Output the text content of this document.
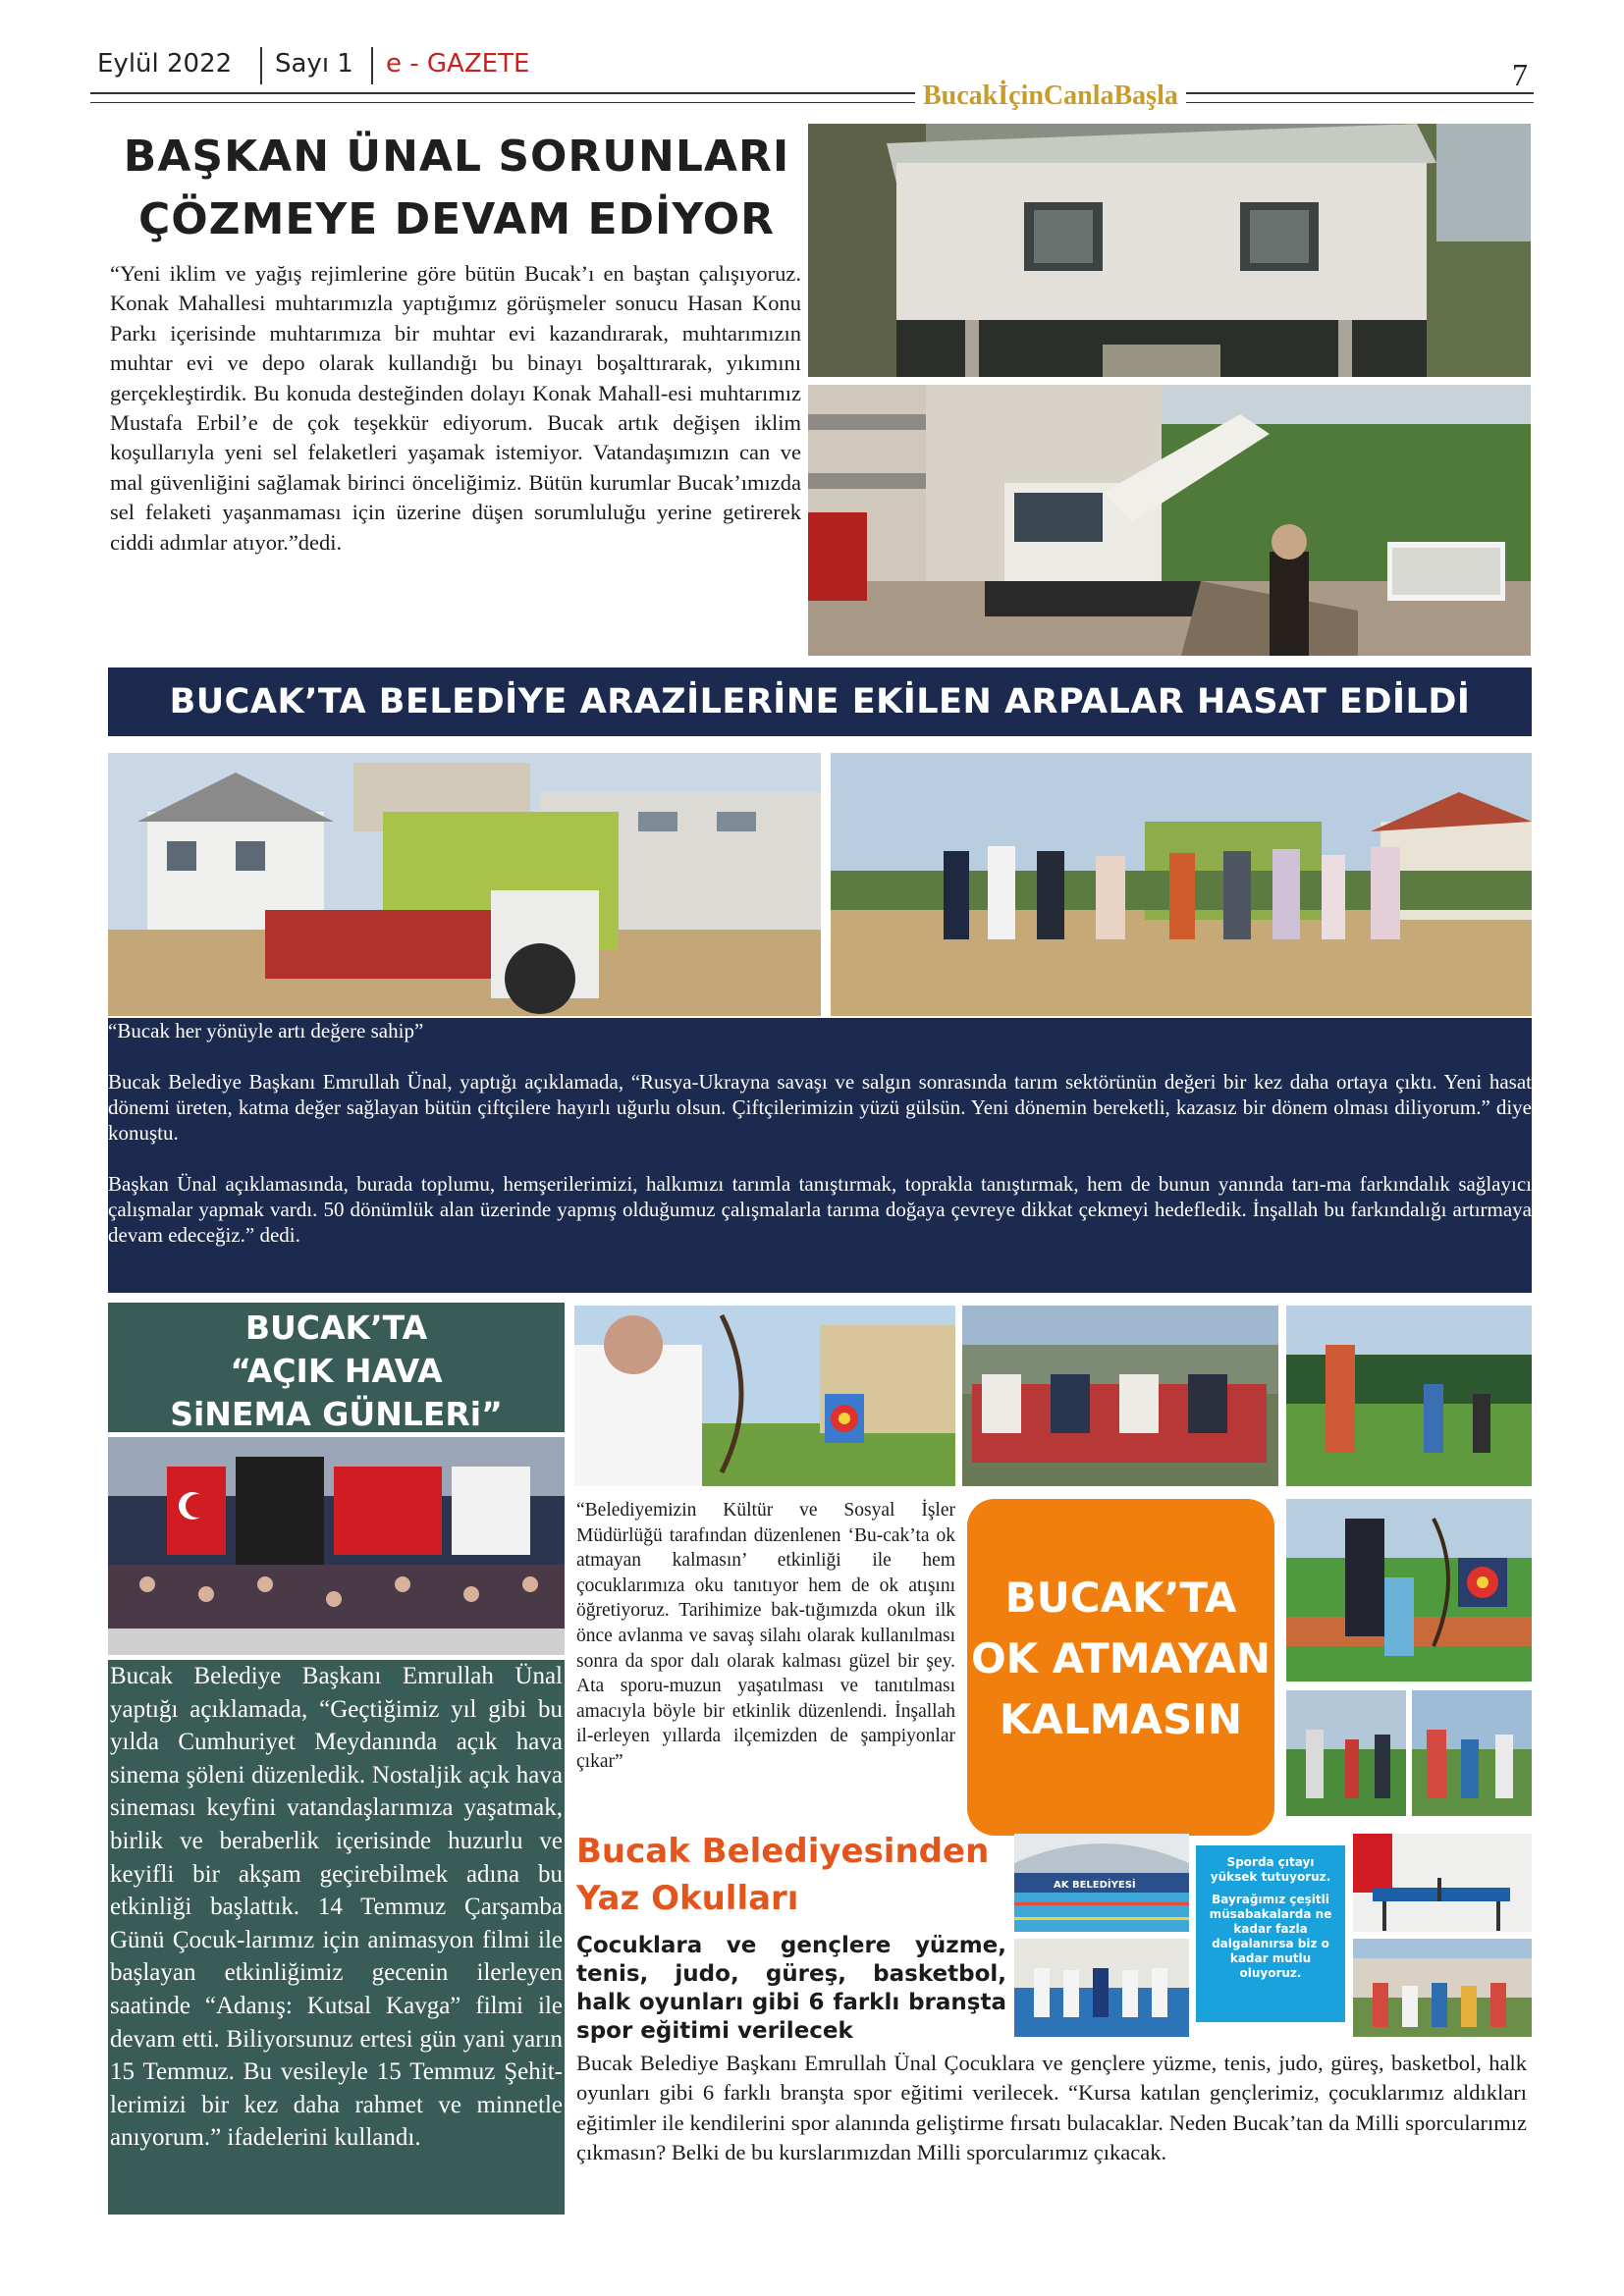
Eylül 2022 Sayı 1 e - GAZETE
BucakİçinCanlaBaşla
7
BAŞKAN ÜNAL SORUNLARI
ÇÖZMEYE DEVAM EDİYOR
“Yeni iklim ve yağış rejimlerine göre bütün Bucak’ı en baştan çalışıyoruz. Konak Mahallesi muhtarımızla yaptığımız görüşmeler sonucu Hasan Konu Parkı içerisinde muhtarımıza bir muhtar evi kazandırarak, muhtarımızın muhtar evi ve depo olarak kullandığı bu binayı boşalttırarak, yıkımını gerçekleştirdik. Bu konuda desteğinden dolayı Konak Mahall-esi muhtarımız Mustafa Erbil’e de çok teşekkür ediyorum. Bucak artık değişen iklim koşullarıyla yeni sel felaketleri yaşamak istemiyor. Vatandaşımızın can ve mal güvenliğini sağlamak birinci önceliğimiz. Bütün kurumlar Bucak’ımızda sel felaketi yaşanmaması için üzerine düşen sorumluluğu yerine getirerek ciddi adımlar atıyor.”dedi.
BUCAK’TA BELEDİYE ARAZİLERİNE EKİLEN ARPALAR HASAT EDİLDİ

“Bucak her yönüyle artı değere sahip”

Bucak Belediye Başkanı Emrullah Ünal, yaptığı açıklamada, “Rusya-Ukrayna savaşı ve salgın sonrasında tarım sektörünün değeri bir kez daha ortaya çıktı. Yeni hasat dönemi üreten, katma değer sağlayan bütün çiftçilere hayırlı uğurlu olsun. Çiftçilerimizin yüzü gülsün. Yeni dönemin bereketli, kazasız bir dönem olması diliyorum.” diye konuştu.

Başkan Ünal açıklamasında, burada toplumu, hemşerilerimizi, halkımızı tarımla tanıştırmak, toprakla tanıştırmak, hem de bunun yanında tarı-ma farkındalık sağlayıcı çalışmalar yapmak vardı. 50 dönümlük alan üzerinde yapmış olduğumuz çalışmalarla tarıma doğaya çevreye dikkat çekmeyi hedefledik. İnşallah bu farkındalığı artırmaya devam edeceğiz.” dedi.

BUCAK’TA
“AÇIK HAVA
SiNEMA GÜNLERi”
Bucak Belediye Başkanı Emrullah Ünal yaptığı açıklamada, “Geçtiğimiz yıl gibi bu yılda Cumhuriyet Meydanında açık hava sinema şöleni düzenledik. Nostaljik açık hava sineması keyfini vatandaşlarımıza yaşatmak, birlik ve beraberlik içerisinde huzurlu ve keyifli bir akşam geçirebilmek adına bu etkinliği başlattık. 14 Temmuz Çarşamba Günü Çocuk-larımız için animasyon filmi ile başlayan etkinliğimiz gecenin ilerleyen saatinde “Adanış: Kutsal Kavga” filmi ile devam etti. Biliyorsunuz ertesi gün yani yarın 15 Temmuz. Bu vesileyle 15 Temmuz Şehit-lerimizi bir kez daha rahmet ve minnetle anıyorum.” ifadelerini kullandı.
“Belediyemizin Kültür ve Sosyal İşler Müdürlüğü tarafından düzenlenen ‘Bu-cak’ta ok atmayan kalmasın’ etkinliği ile hem çocuklarımıza oku tanıtıyor hem de ok atışını öğretiyoruz. Tarihimize bak-tığımızda okun ilk önce avlanma ve savaş silahı olarak kullanılması sonra da spor dalı olarak kalması güzel bir şey. Ata sporu-muzun yaşatılması ve tanıtılması amacıyla böyle bir etkinlik düzenlendi. İnşallah il-erleyen yıllarda ilçemizden de şampiyonlar çıkar”
BUCAK’TA
OK ATMAYAN
KALMASIN
Bucak Belediyesinden
Yaz Okulları
Çocuklara ve gençlere yüzme, tenis, judo, güreş, basketbol, halk oyunları gibi 6 farklı branşta spor eğitimi verilecek
AK BELEDİYESİ
Sporda çıtayı yüksek tutuyoruz.
Bayrağımız çeşitli müsabakalarda ne kadar fazla dalgalanırsa biz o kadar mutlu oluyoruz.
Bucak Belediye Başkanı Emrullah Ünal Çocuklara ve gençlere yüzme, tenis, judo, güreş, basketbol, halk oyunları gibi 6 farklı branşta spor eğitimi verilecek. “Kursa katılan gençlerimiz, çocuklarımız aldıkları eğitimler ile kendilerini spor alanında geliştirme fırsatı bulacaklar. Neden Bucak’tan da Milli sporcularımız çıkmasın? Belki de bu kurslarımızdan Milli sporcularımız çıkacak.
